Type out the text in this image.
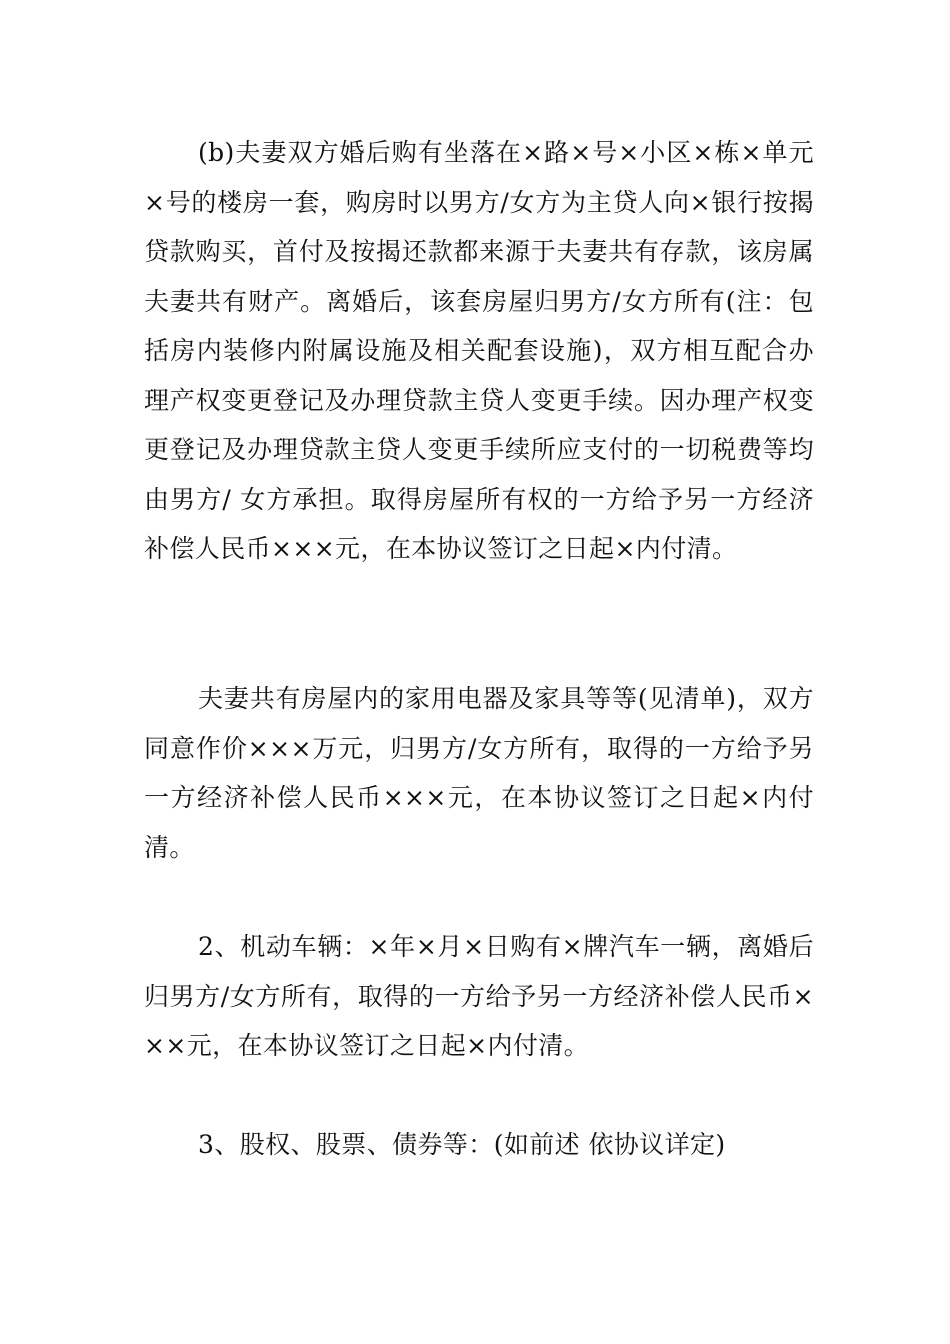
(b)夫妻双方婚后购有坐落在×路×号×小区×栋×单元×号的楼房一套，购房时以男方/女方为主贷人向×银行按揭贷款购买，首付及按揭还款都来源于夫妻共有存款，该房属夫妻共有财产。离婚后，该套房屋归男方/女方所有(注：包括房内装修内附属设施及相关配套设施)，双方相互配合办理产权变更登记及办理贷款主贷人变更手续。因办理产权变更登记及办理贷款主贷人变更手续所应支付的一切税费等均由男方/ 女方承担。取得房屋所有权的一方给予另一方经济补偿人民币×××元，在本协议签订之日起×内付清。

夫妻共有房屋内的家用电器及家具等等(见清单)，双方同意作价×××万元，归男方/女方所有，取得的一方给予另一方经济补偿人民币×××元，在本协议签订之日起×内付清。

2、机动车辆：×年×月×日购有×牌汽车一辆，离婚后归男方/女方所有，取得的一方给予另一方经济补偿人民币×××元，在本协议签订之日起×内付清。

3、股权、股票、债券等：(如前述 依协议详定)
